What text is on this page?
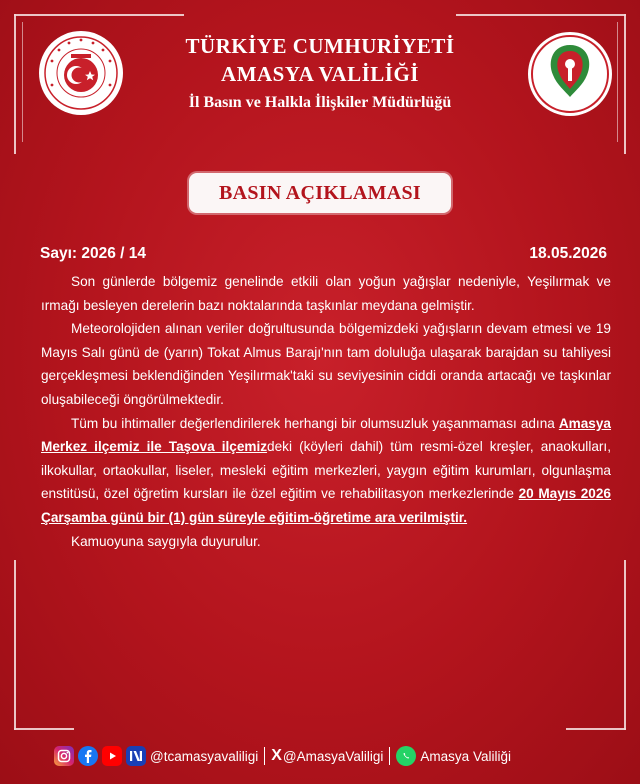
TÜRKİYE CUMHURİYETİ
AMASYA VALİLİĞİ
İl Basın ve Halkla İlişkiler Müdürlüğü
BASIN AÇIKLAMASI
Sayı: 2026 / 14	18.05.2026

Son günlerde bölgemiz genelinde etkili olan yoğun yağışlar nedeniyle, Yeşilırmak ve ırmağı besleyen derelerin bazı noktalarında taşkınlar meydana gelmiştir.

Meteorolojiden alınan veriler doğrultusunda bölgemizdeki yağışların devam etmesi ve 19 Mayıs Salı günü de (yarın) Tokat Almus Barajı'nın tam doluluğa ulaşarak barajdan su tahliyesi gerçekleşmesi beklendiğinden Yeşilırmak'taki su seviyesinin ciddi oranda artacağı ve taşkınlar oluşabileceği öngörülmektedir.

Tüm bu ihtimaller değerlendirilerek herhangi bir olumsuzluk yaşanmaması adına Amasya Merkez ilçemiz ile Taşova ilçemizdeki (köyleri dahil) tüm resmi-özel kreşler, anaokulları, ilkokullar, ortaokullar, liseler, mesleki eğitim merkezleri, yaygın eğitim kurumları, olgunlaşma enstitüsü, özel öğretim kursları ile özel eğitim ve rehabilitasyon merkezlerinde 20 Mayıs 2026 Çarşamba günü bir (1) gün süreyle eğitim-öğretime ara verilmiştir.

Kamuoyuna saygıyla duyurulur.

@tcamasyavaliligi X @AmasyaValiligi	Amasya Valiliği
